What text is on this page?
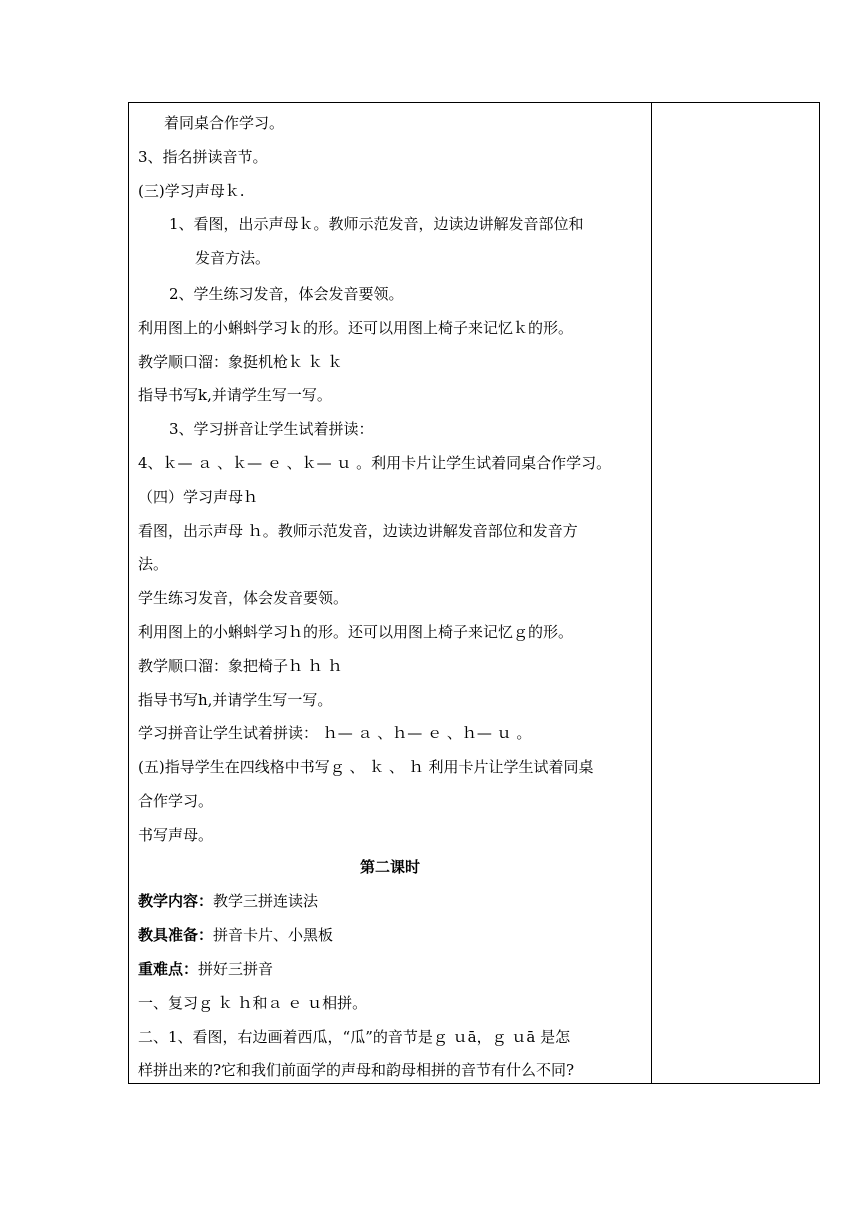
着同桌合作学习。
3、指名拼读音节。
(三)学习声母ｋ.
1、看图，出示声母ｋ。教师示范发音，边读边讲解发音部位和
发音方法。
2、学生练习发音，体会发音要领。
利用图上的小蝌蚪学习ｋ的形。还可以用图上椅子来记忆ｋ的形。
教学顺口溜：象挺机枪ｋ ｋ ｋ
指导书写k,并请学生写一写。
3、学习拼音让学生试着拼读：
4、ｋ— ａ 、ｋ— ｅ 、ｋ— ｕ 。利用卡片让学生试着同桌合作学习。
（四）学习声母ｈ
看图，出示声母 ｈ。教师示范发音，边读边讲解发音部位和发音方
法。
学生练习发音，体会发音要领。
利用图上的小蝌蚪学习ｈ的形。还可以用图上椅子来记忆ｇ的形。
教学顺口溜：象把椅子ｈ ｈ ｈ
指导书写h,并请学生写一写。
学习拼音让学生试着拼读： ｈ— ａ 、ｈ— ｅ 、ｈ— ｕ 。
(五)指导学生在四线格中书写ｇ 、 ｋ 、 ｈ 利用卡片让学生试着同桌
合作学习。
书写声母。
第二课时
教学内容：教学三拼连读法
教具准备：拼音卡片、小黑板
重难点：拼好三拼音
一、复习ｇ ｋ ｈ和ａ ｅ ｕ相拼。
二、1、看图，右边画着西瓜，“瓜”的音节是ｇ ｕā，ｇ ｕā 是怎
样拼出来的?它和我们前面学的声母和韵母相拼的音节有什么不同?
